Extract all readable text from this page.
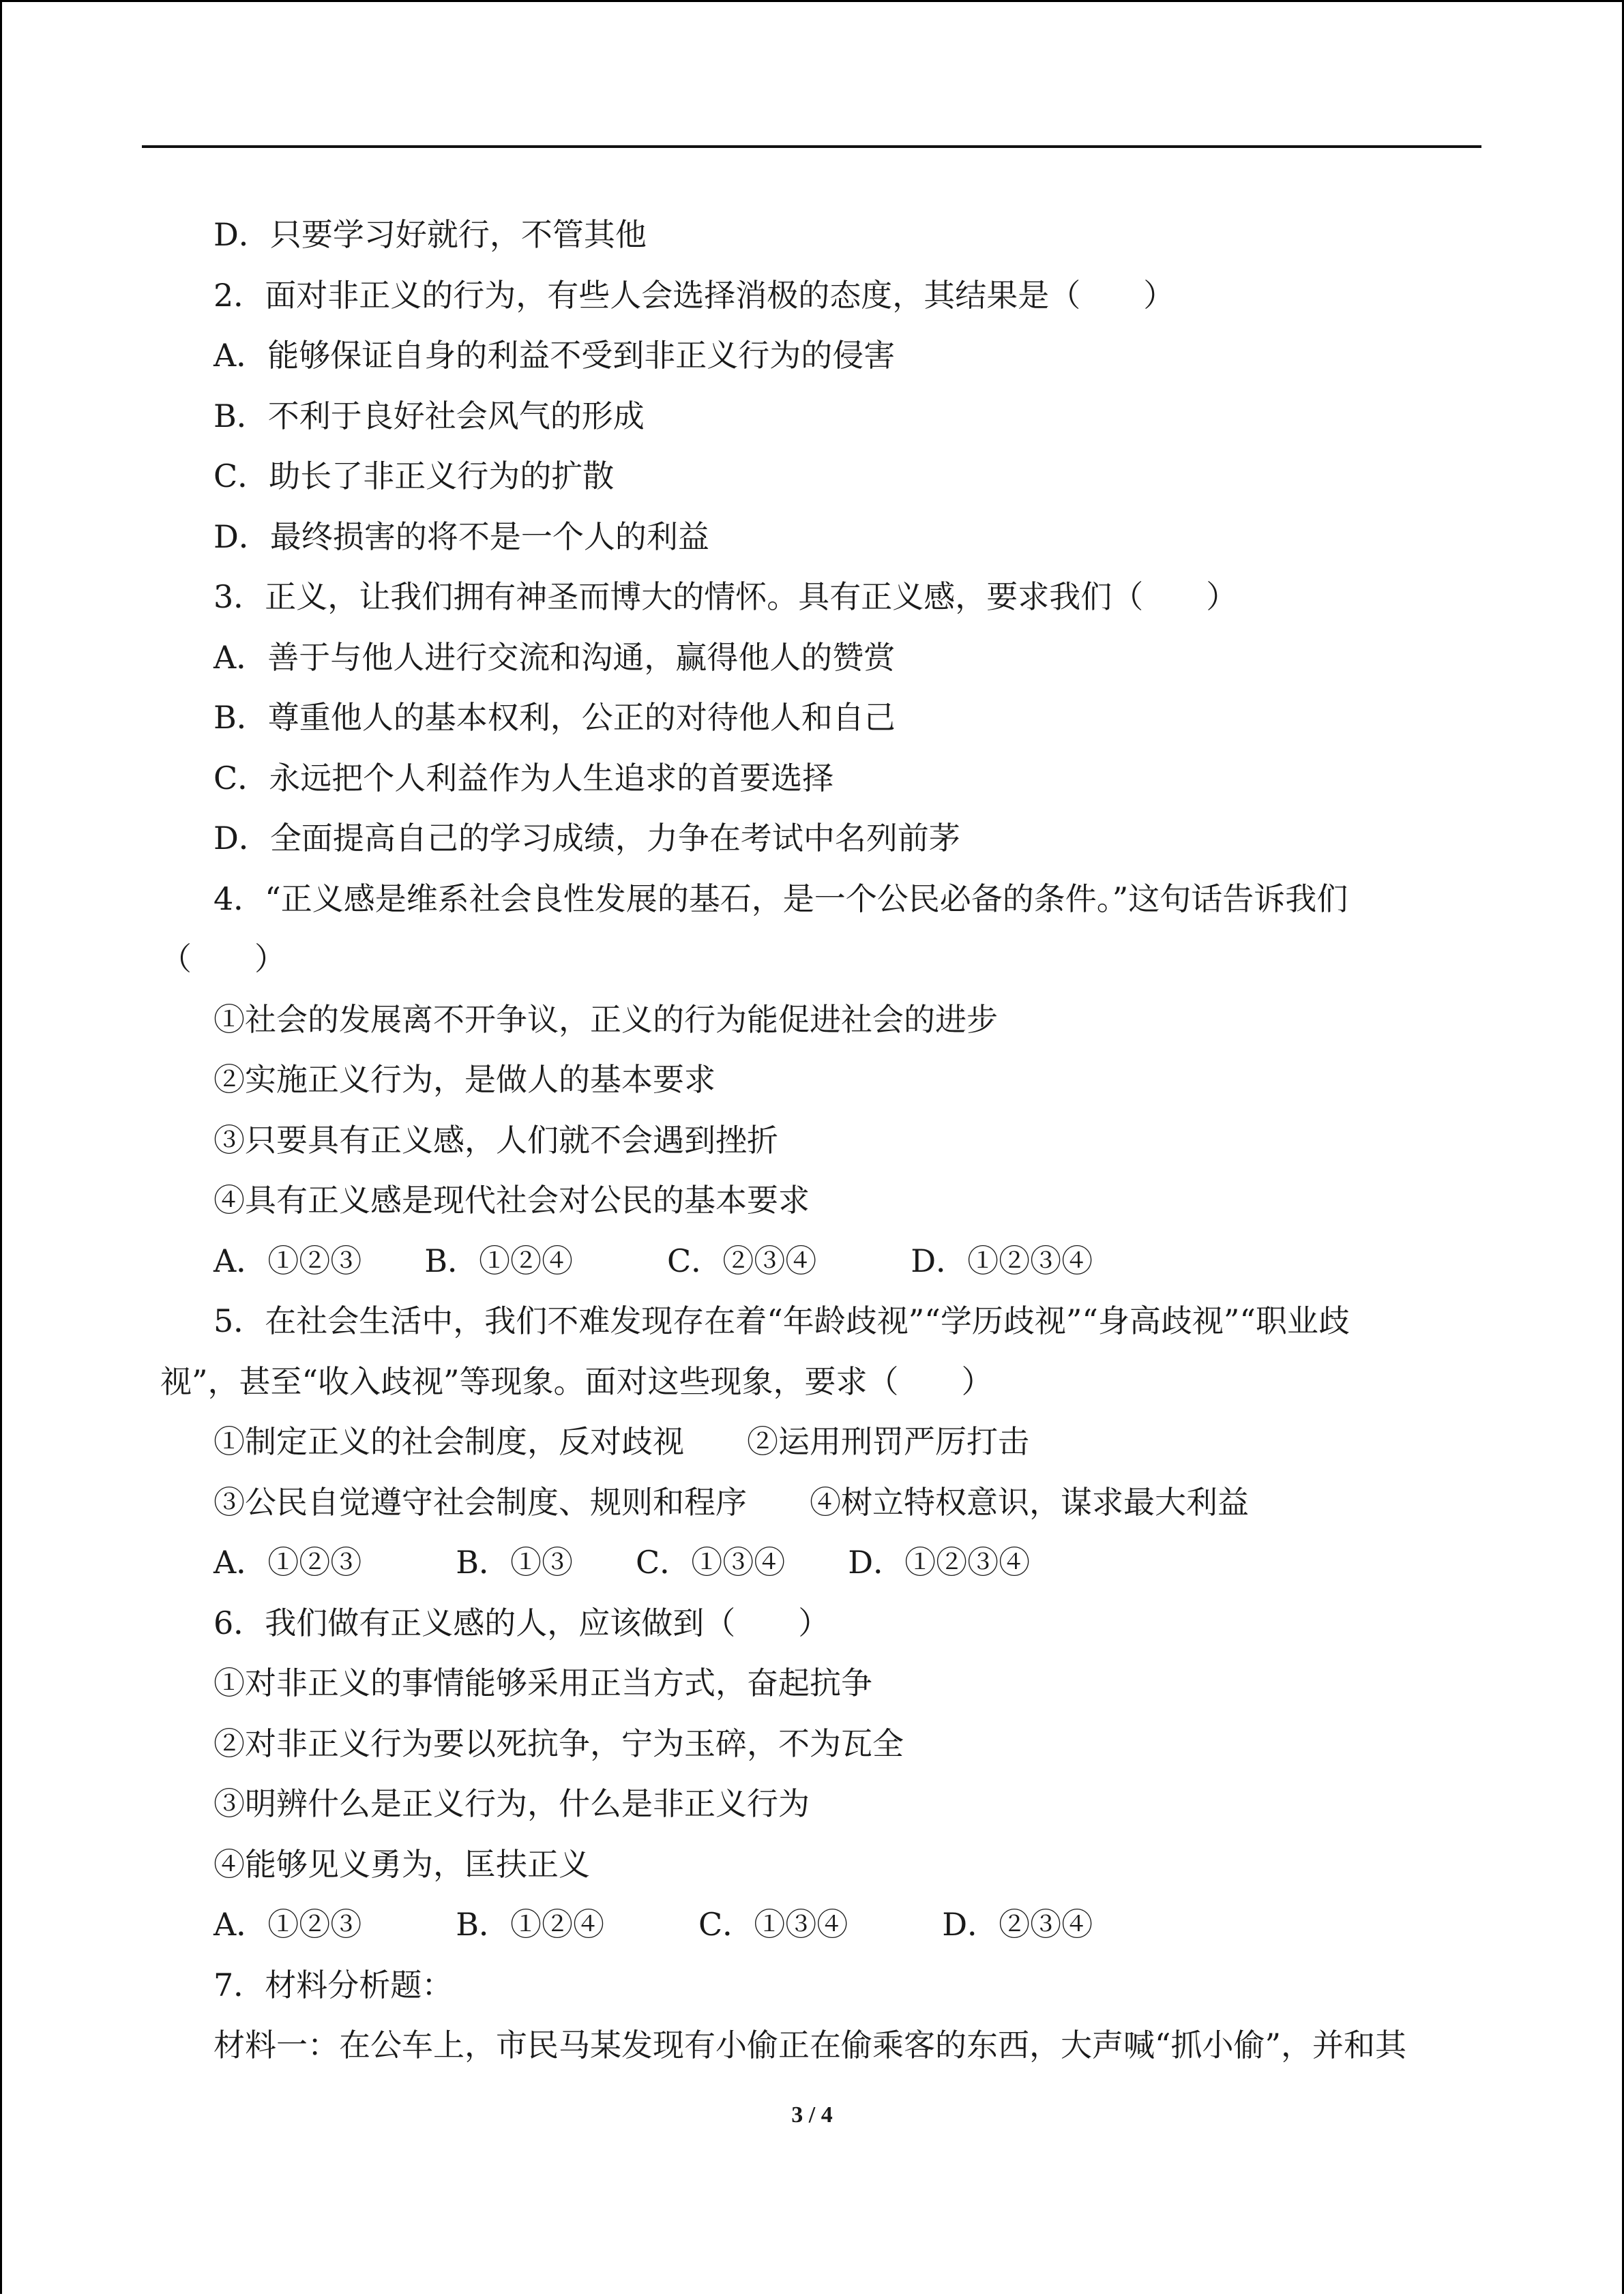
D．只要学习好就行，不管其他
2．面对非正义的行为，有些人会选择消极的态度，其结果是（　　）
A．能够保证自身的利益不受到非正义行为的侵害
B．不利于良好社会风气的形成
C．助长了非正义行为的扩散
D．最终损害的将不是一个人的利益
3．正义，让我们拥有神圣而博大的情怀。具有正义感，要求我们（　　）
A．善于与他人进行交流和沟通，赢得他人的赞赏
B．尊重他人的基本权利，公正的对待他人和自己
C．永远把个人利益作为人生追求的首要选择
D．全面提高自己的学习成绩，力争在考试中名列前茅
4．“正义感是维系社会良性发展的基石，是一个公民必备的条件。”这句话告诉我们
（　　）
①社会的发展离不开争议，正义的行为能促进社会的进步
②实施正义行为，是做人的基本要求
③只要具有正义感，人们就不会遇到挫折
④具有正义感是现代社会对公民的基本要求
A．①②③　　B．①②④　　　C．②③④　　　D．①②③④
5．在社会生活中，我们不难发现存在着“年龄歧视”“学历歧视”“身高歧视”“职业歧
视”，甚至“收入歧视”等现象。面对这些现象，要求（　　）
①制定正义的社会制度，反对歧视　　②运用刑罚严厉打击
③公民自觉遵守社会制度、规则和程序　　④树立特权意识，谋求最大利益
A．①②③　　　B．①③　　C．①③④　　D．①②③④
6．我们做有正义感的人，应该做到（　　）
①对非正义的事情能够采用正当方式，奋起抗争
②对非正义行为要以死抗争，宁为玉碎，不为瓦全
③明辨什么是正义行为，什么是非正义行为
④能够见义勇为，匡扶正义
A．①②③　　　B．①②④　　　C．①③④　　　D．②③④
7．材料分析题：
材料一：在公车上，市民马某发现有小偷正在偷乘客的东西，大声喊“抓小偷”，并和其
3 / 4
